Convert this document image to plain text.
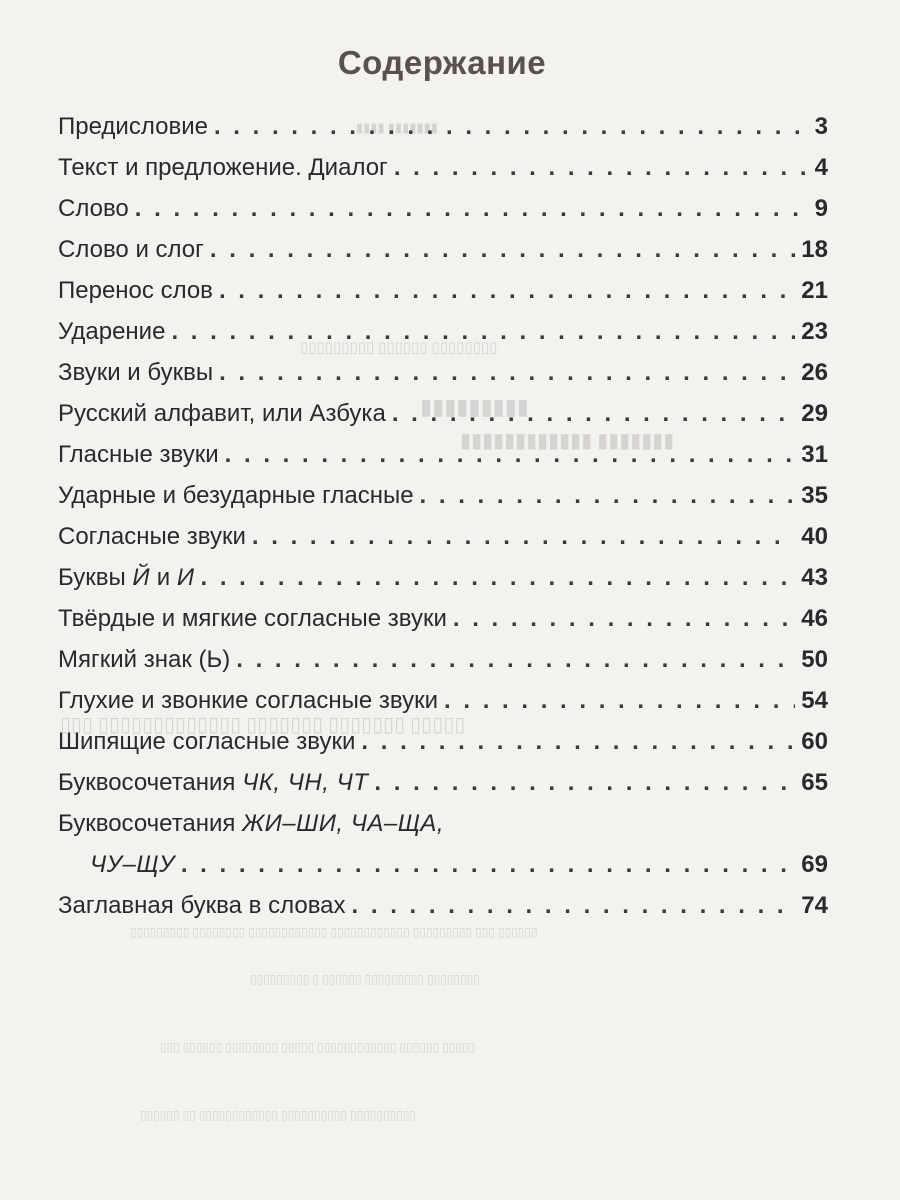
▮▮▮▮ ▮▮▮▮▮▮▮
▯▯▯▯▯▯▯▯▯ ▯▯▯▯▯▯ ▯▯▯▯▯▯▯▯
▮▮▮▮▮▮▮▮▮
▮▮▮▮▮▮▮▮▮▮▮▮ ▮▮▮▮▮▮▮
▯▯▯ ▯▯▯▯▯▯▯▯▯▯▯▯▯ ▯▯▯▯▯▯▯ ▯▯▯▯▯▯▯ ▯▯▯▯▯
▯▯▯▯▯▯▯▯▯ ▯▯▯▯▯▯▯▯ ▯▯▯▯▯▯▯▯▯▯▯▯ ▯▯▯▯▯▯▯▯▯▯▯▯ ▯▯▯▯▯▯▯▯▯ ▯▯▯ ▯▯▯▯▯▯
▯▯▯▯▯▯▯▯▯ ▯ ▯▯▯▯▯▯ ▯▯▯▯▯▯▯▯▯ ▯▯▯▯▯▯▯▯
▯▯▯ ▯▯▯▯▯▯ ▯▯▯▯▯▯▯▯ ▯▯▯▯▯ ▯▯▯▯▯▯▯▯▯▯▯▯ ▯▯▯▯▯▯ ▯▯▯▯▯
▯▯▯▯▯▯ ▯▯ ▯▯▯▯▯▯▯▯▯▯▯▯ ▯▯▯▯▯▯▯▯▯▯ ▯▯▯▯▯▯▯▯▯▯
Содержание
Предисловие . . .	3
Текст и предложение. Диалог . . .	4
Слово . . .	9
Слово и слог . . .	18
Перенос слов . . .	21
Ударение . . .	23
Звуки и буквы . . .	26
Русский алфавит, или Азбука . . .	29
Гласные звуки . . .	31
Ударные и безударные гласные . . .	35
Согласные звуки . . .	40
Буквы Й и И . . .	43
Твёрдые и мягкие согласные звуки . . .	46
Мягкий знак (Ь) . . .	50
Глухие и звонкие согласные звуки . . .	54
Шипящие согласные звуки . . .	60
Буквосочетания ЧК, ЧН, ЧТ . . .	65
Буквосочетания ЖИ–ШИ, ЧА–ЩА,
ЧУ–ЩУ . . .	69
Заглавная буква в словах . . .	74
